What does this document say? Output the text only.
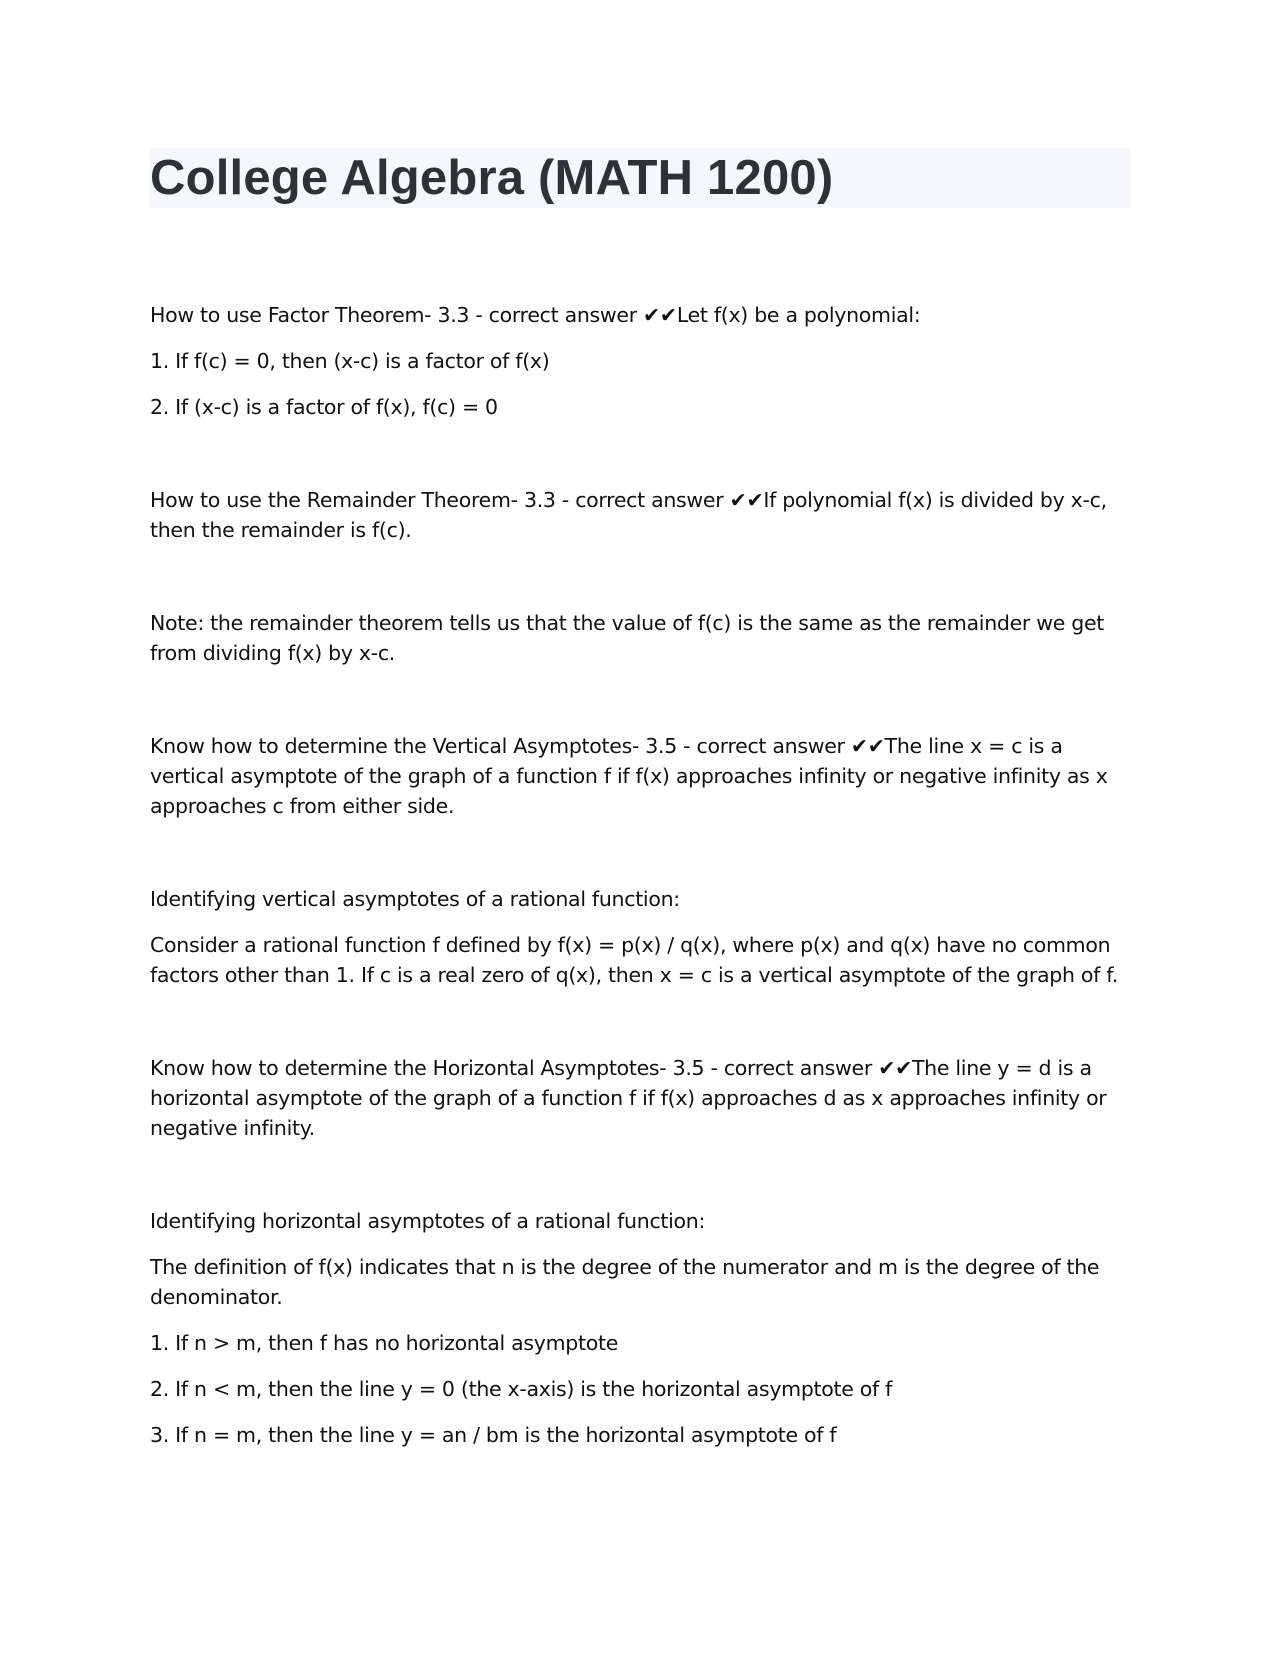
College Algebra (MATH 1200)

How to use Factor Theorem- 3.3 - correct answer ✔✔Let f(x) be a polynomial:

1. If f(c) = 0, then (x-c) is a factor of f(x)

2. If (x-c) is a factor of f(x), f(c) = 0

How to use the Remainder Theorem- 3.3 - correct answer ✔✔If polynomial f(x) is divided by x-c, then the remainder is f(c).

Note: the remainder theorem tells us that the value of f(c) is the same as the remainder we get from dividing f(x) by x-c.

Know how to determine the Vertical Asymptotes- 3.5 - correct answer ✔✔The line x = c is a vertical asymptote of the graph of a function f if f(x) approaches infinity or negative infinity as x approaches c from either side.

Identifying vertical asymptotes of a rational function:

Consider a rational function f defined by f(x) = p(x) / q(x), where p(x) and q(x) have no common factors other than 1. If c is a real zero of q(x), then x = c is a vertical asymptote of the graph of f.

Know how to determine the Horizontal Asymptotes- 3.5 - correct answer ✔✔The line y = d is a horizontal asymptote of the graph of a function f if f(x) approaches d as x approaches infinity or negative infinity.

Identifying horizontal asymptotes of a rational function:

The definition of f(x) indicates that n is the degree of the numerator and m is the degree of the denominator.

1. If n > m, then f has no horizontal asymptote

2. If n < m, then the line y = 0 (the x-axis) is the horizontal asymptote of f

3. If n = m, then the line y = an / bm is the horizontal asymptote of f
